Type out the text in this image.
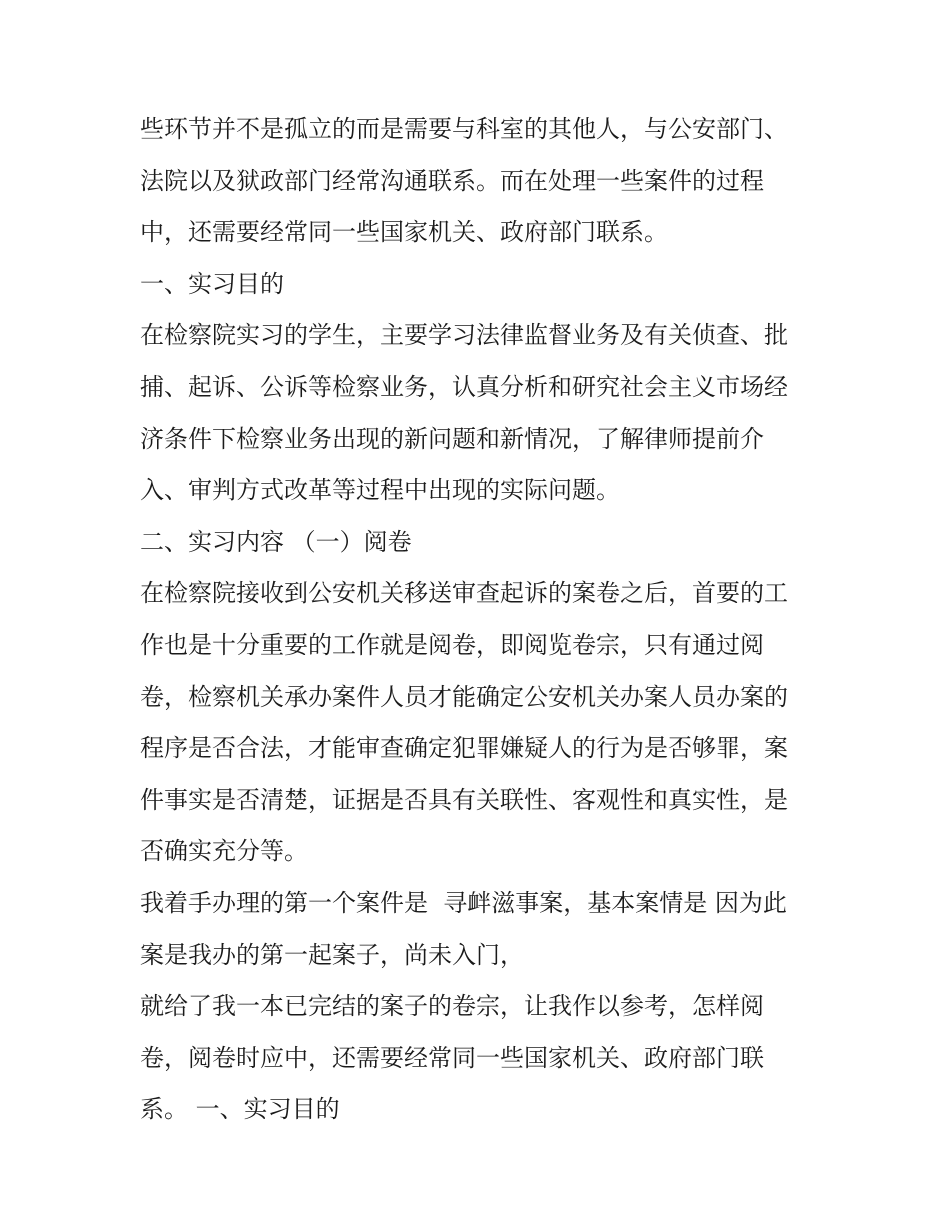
些环节并不是孤立的而是需要与科室的其他人，与公安部门、
法院以及狱政部门经常沟通联系。而在处理一些案件的过程
中，还需要经常同一些国家机关、政府部门联系。
一、实习目的
在检察院实习的学生，主要学习法律监督业务及有关侦查、批
捕、起诉、公诉等检察业务，认真分析和研究社会主义市场经
济条件下检察业务出现的新问题和新情况，了解律师提前介
入、审判方式改革等过程中出现的实际问题。
二、实习内容 （一）阅卷
在检察院接收到公安机关移送审查起诉的案卷之后，首要的工
作也是十分重要的工作就是阅卷，即阅览卷宗，只有通过阅
卷，检察机关承办案件人员才能确定公安机关办案人员办案的
程序是否合法，才能审查确定犯罪嫌疑人的行为是否够罪，案
件事实是否清楚，证据是否具有关联性、客观性和真实性，是
否确实充分等。
我着手办理的第一个案件是  寻衅滋事案，基本案情是 因为此
案是我办的第一起案子，尚未入门，
就给了我一本已完结的案子的卷宗，让我作以参考，怎样阅
卷，阅卷时应中，还需要经常同一些国家机关、政府部门联
系。 一、实习目的
